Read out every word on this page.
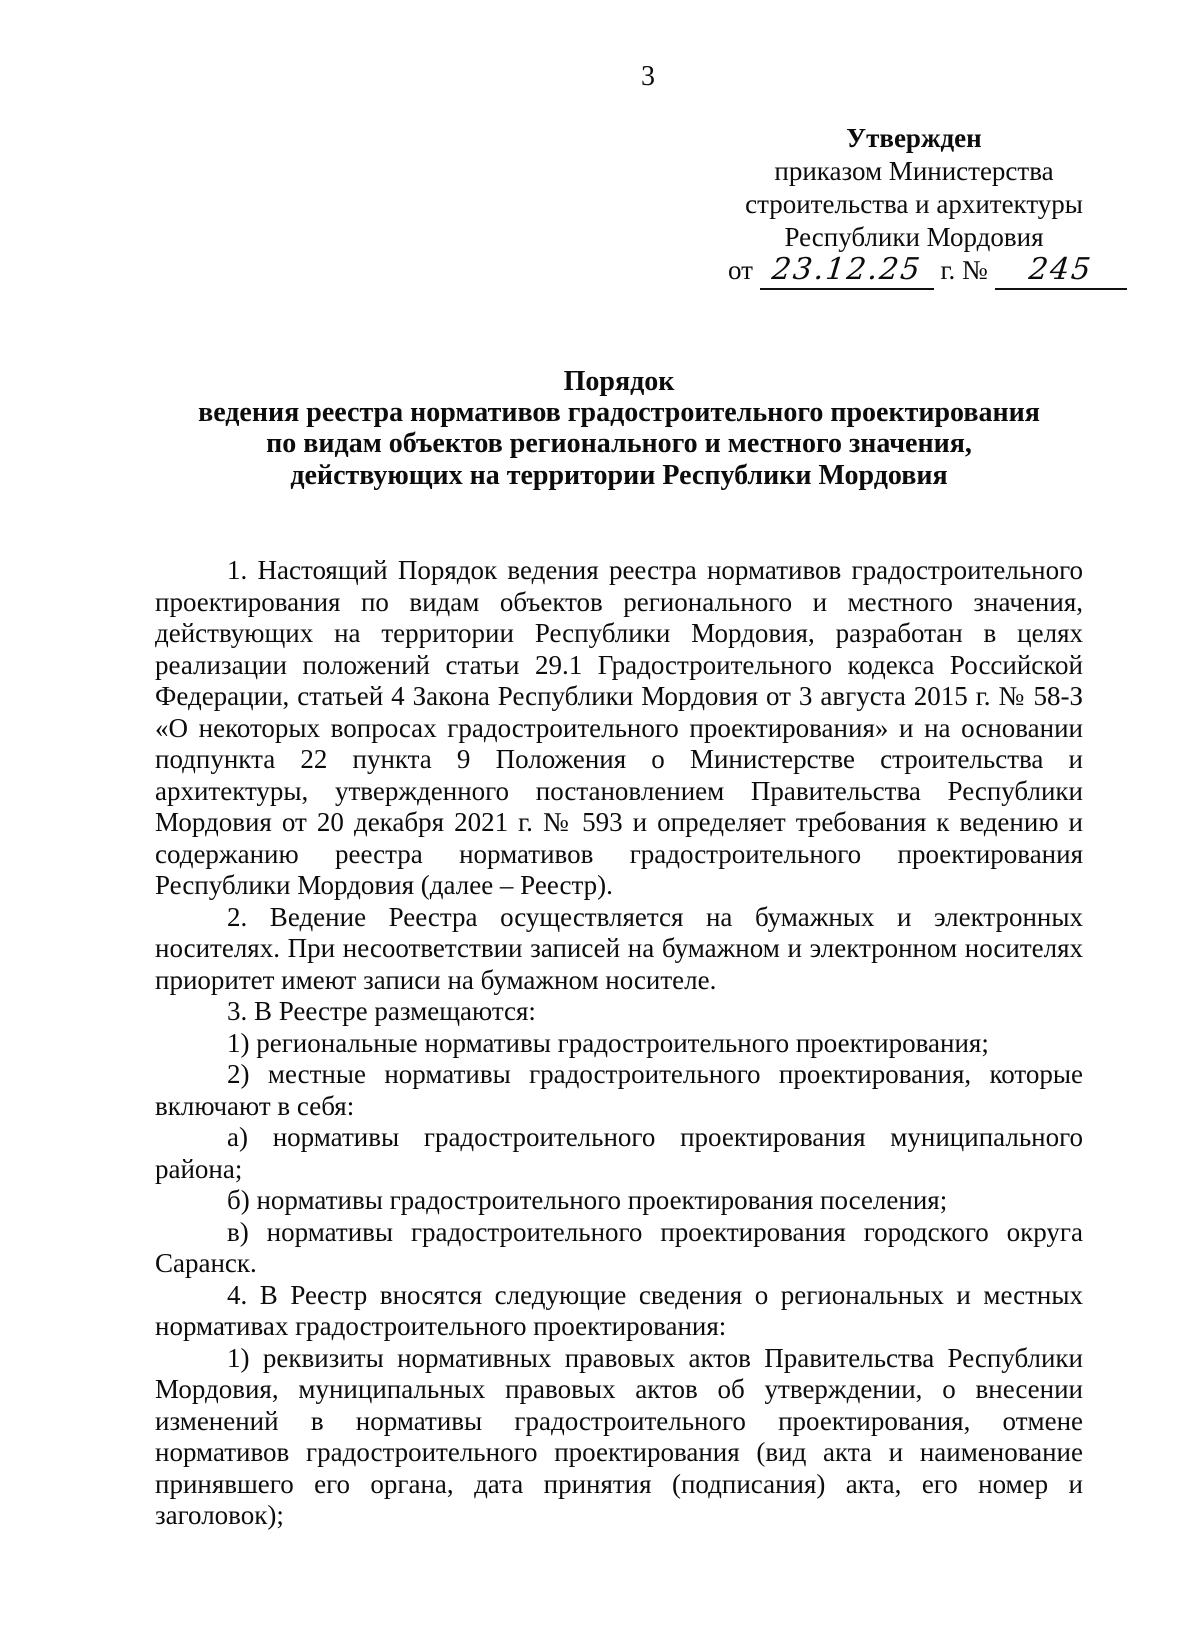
3
Утвержден
приказом Министерства
строительства и архитектуры
Республики Мордовия
от 23.12.25 г. № 245
Порядок
ведения реестра нормативов градостроительного проектирования
по видам объектов регионального и местного значения,
действующих на территории Республики Мордовия

1. Настоящий Порядок ведения реестра нормативов градостроительного проектирования по видам объектов регионального и местного значения, действующих на территории Республики Мордовия, разработан в целях реализации положений статьи 29.1 Градостроительного кодекса Российской Федерации, статьей 4 Закона Республики Мордовия от 3 августа 2015 г. № 58-З «О некоторых вопросах градостроительного проектирования» и на основании подпункта 22 пункта 9 Положения о Министерстве строительства и архитектуры, утвержденного постановлением Правительства Республики Мордовия от 20 декабря 2021 г. № 593 и определяет требования к ведению и содержанию реестра нормативов градостроительного проектирования Республики Мордовия (далее – Реестр).

2. Ведение Реестра осуществляется на бумажных и электронных носителях. При несоответствии записей на бумажном и электронном носителях приоритет имеют записи на бумажном носителе.

3. В Реестре размещаются:

1) региональные нормативы градостроительного проектирования;

2) местные нормативы градостроительного проектирования, которые включают в себя:

а) нормативы градостроительного проектирования муниципального района;

б) нормативы градостроительного проектирования поселения;

в) нормативы градостроительного проектирования городского округа Саранск.

4. В Реестр вносятся следующие сведения о региональных и местных нормативах градостроительного проектирования:

1) реквизиты нормативных правовых актов Правительства Республики Мордовия, муниципальных правовых актов об утверждении, о внесении изменений в нормативы градостроительного проектирования, отмене нормативов градостроительного проектирования (вид акта и наименование принявшего его органа, дата принятия (подписания) акта, его номер и заголовок);
